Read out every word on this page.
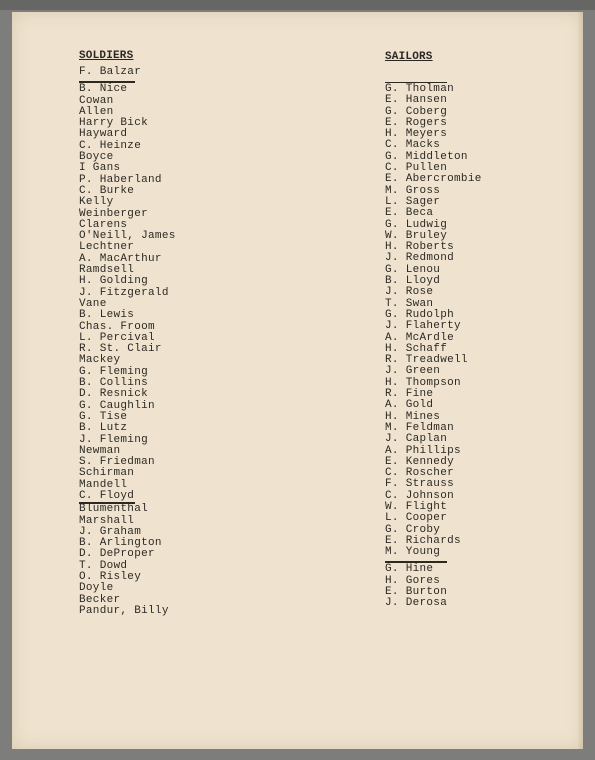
SOLDIERS
F. Balzar
B. Nice
Cowan
Allen
Harry Bick
Hayward
C. Heinze
Boyce
I Gans
P. Haberland
C. Burke
Kelly
Weinberger
Clarens
O'Neill, James
Lechtner
A. MacArthur
Ramdsell
H. Golding
J. Fitzgerald
Vane
B. Lewis
Chas. Froom
L. Percival
R. St. Clair
Mackey
G. Fleming
B. Collins
D. Resnick
G. Caughlin
G. Tise
B. Lutz
J. Fleming
Newman
S. Friedman
Schirman
Mandell
C. Floyd
Blumenthal
Marshall
J. Graham
B. Arlington
D. DeProper
T. Dowd
O. Risley
Doyle
Becker
Pandur, Billy
SAILORS
G. Tholman
E. Hansen
G. Coberg
E. Rogers
H. Meyers
C. Macks
G. Middleton
C. Pullen
E. Abercrombie
M. Gross
L. Sager
E. Beca
G. Ludwig
W. Bruley
H. Roberts
J. Redmond
G. Lenou
B. Lloyd
J. Rose
T. Swan
G. Rudolph
J. Flaherty
A. McArdle
H. Schaff
R. Treadwell
J. Green
H. Thompson
R. Fine
A. Gold
H. Mines
M. Feldman
J. Caplan
A. Phillips
E. Kennedy
C. Roscher
F. Strauss
C. Johnson
W. Flight
L. Cooper
G. Croby
E. Richards
M. Young
G. Hine
H. Gores
E. Burton
J. Derosa
